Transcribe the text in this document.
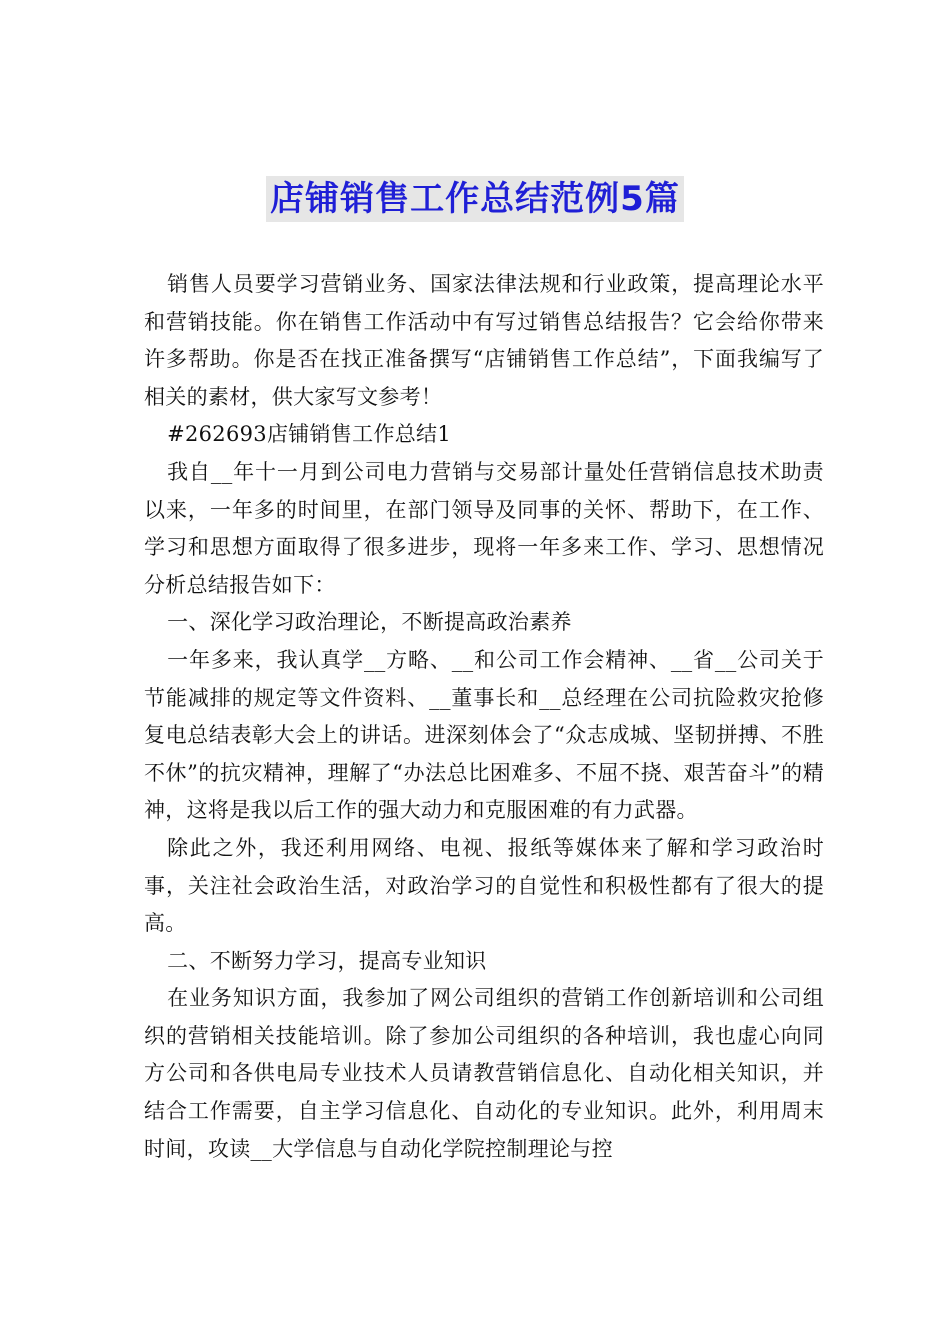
店铺销售工作总结范例5篇

销售人员要学习营销业务、国家法律法规和行业政策，提高理论水平和营销技能。你在销售工作活动中有写过销售总结报告？它会给你带来许多帮助。你是否在找正准备撰写“店铺销售工作总结”，下面我编写了相关的素材，供大家写文参考！

#262693店铺销售工作总结1

我自__年十一月到公司电力营销与交易部计量处任营销信息技术助责以来，一年多的时间里，在部门领导及同事的关怀、帮助下，在工作、学习和思想方面取得了很多进步，现将一年多来工作、学习、思想情况分析总结报告如下：

一、深化学习政治理论，不断提高政治素养

一年多来，我认真学__方略、__和公司工作会精神、__省__公司关于节能减排的规定等文件资料、__董事长和__总经理在公司抗险救灾抢修复电总结表彰大会上的讲话。进深刻体会了“众志成城、坚韧拼搏、不胜不休”的抗灾精神，理解了“办法总比困难多、不屈不挠、艰苦奋斗”的精神，这将是我以后工作的强大动力和克服困难的有力武器。

除此之外，我还利用网络、电视、报纸等媒体来了解和学习政治时事，关注社会政治生活，对政治学习的自觉性和积极性都有了很大的提高。

二、不断努力学习，提高专业知识

在业务知识方面，我参加了网公司组织的营销工作创新培训和公司组织的营销相关技能培训。除了参加公司组织的各种培训，我也虚心向同方公司和各供电局专业技术人员请教营销信息化、自动化相关知识，并结合工作需要，自主学习信息化、自动化的专业知识。此外，利用周末时间，攻读__大学信息与自动化学院控制理论与控
